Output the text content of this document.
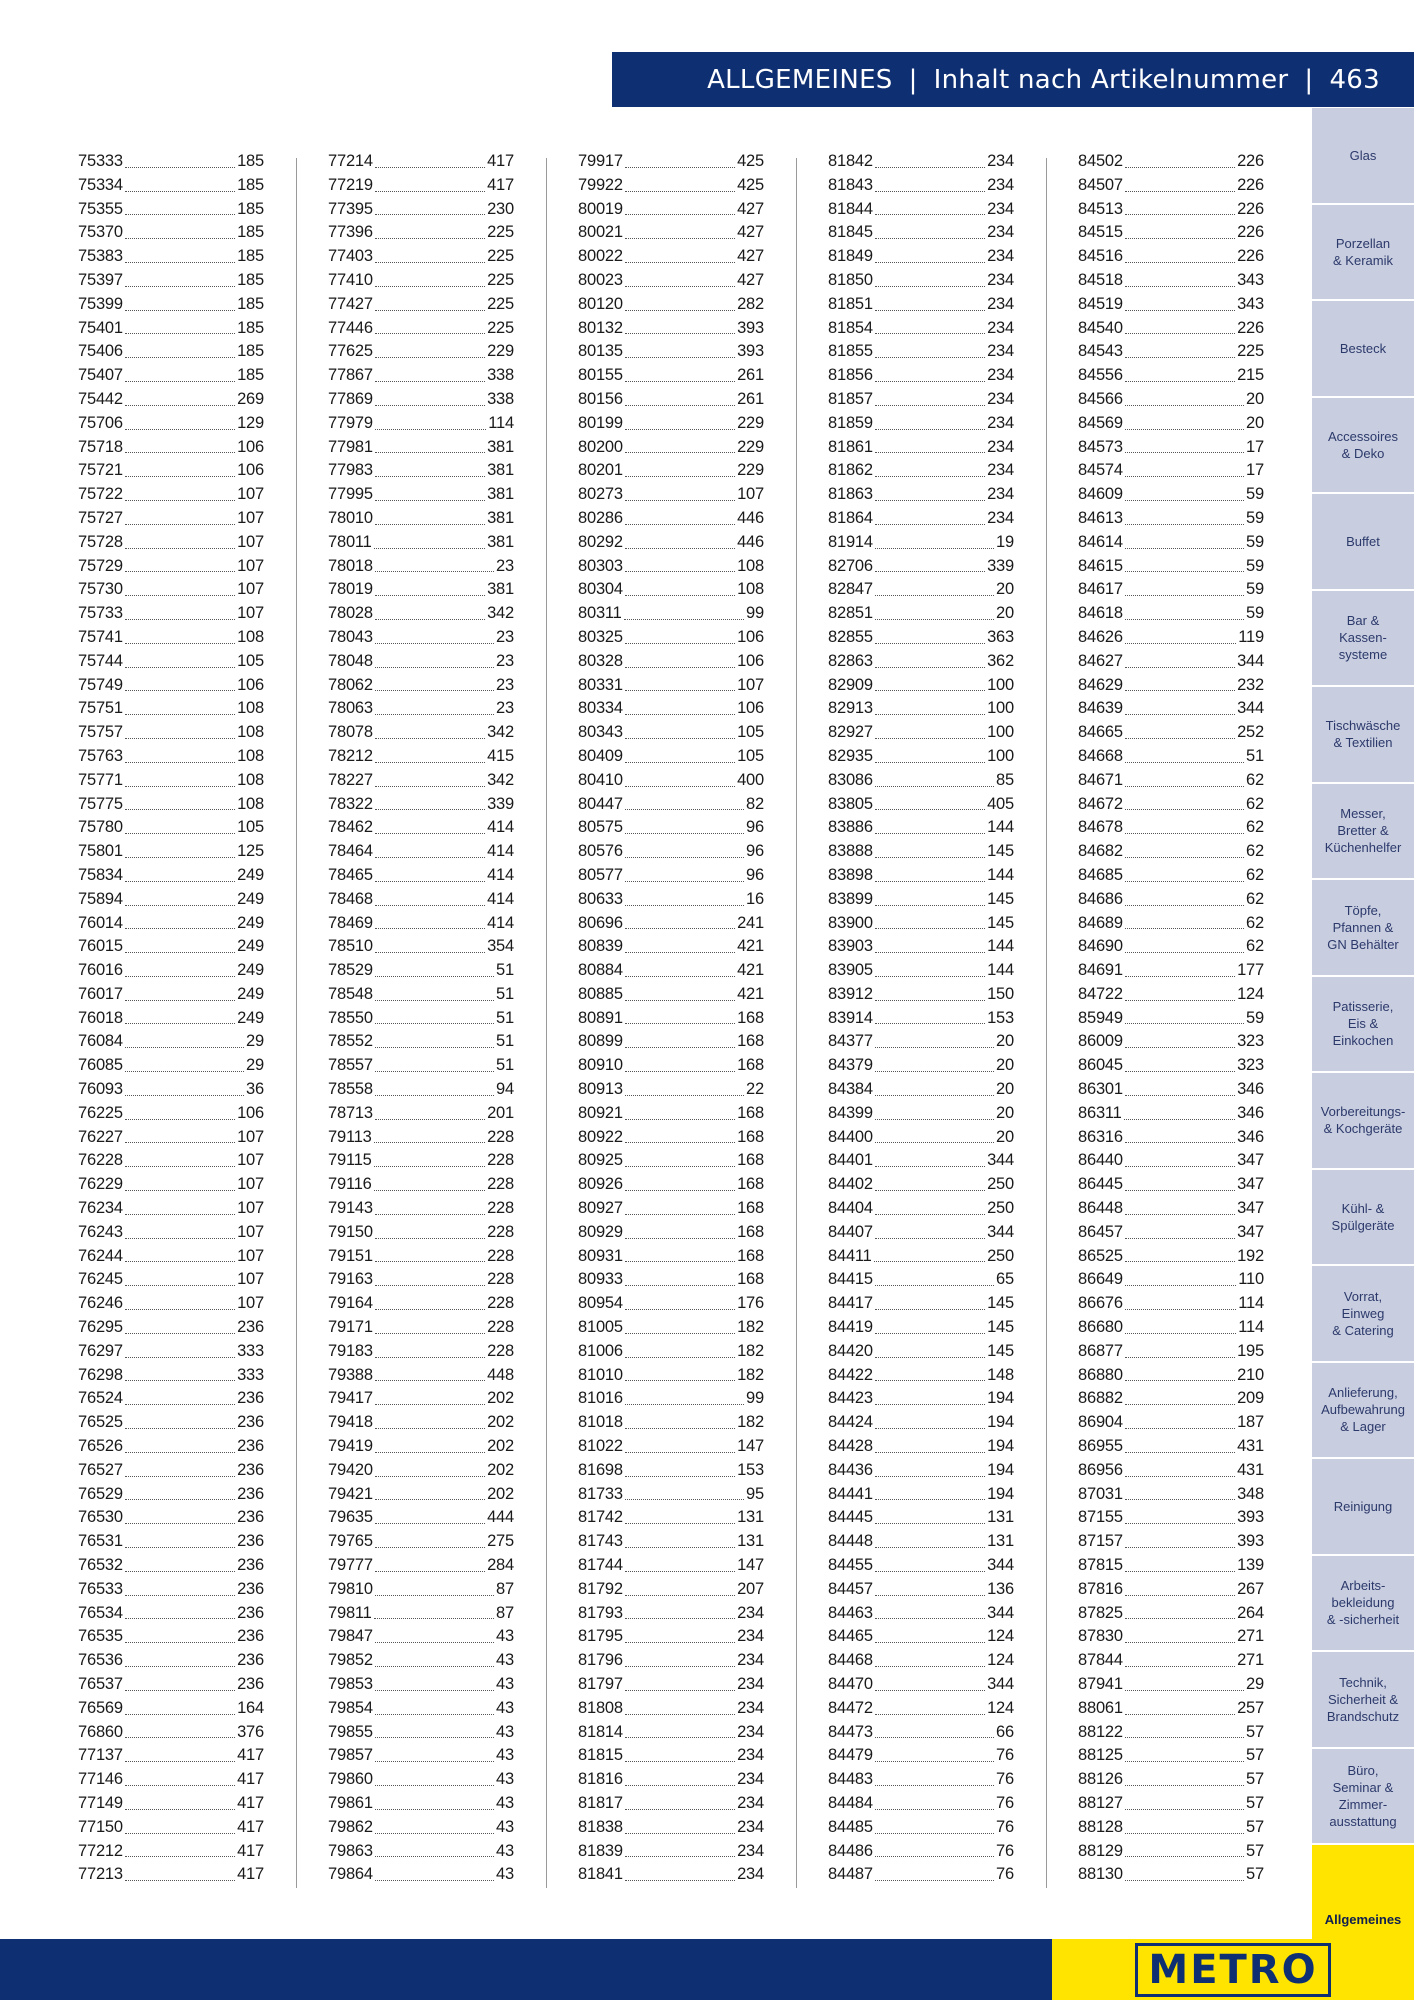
ALLGEMEINES | Inhalt nach Artikelnummer | 463
75333	185
75334	185
75355	185
75370	185
75383	185
75397	185
75399	185
75401	185
75406	185
75407	185
75442	269
75706	129
75718	106
75721	106
75722	107
75727	107
75728	107
75729	107
75730	107
75733	107
75741	108
75744	105
75749	106
75751	108
75757	108
75763	108
75771	108
75775	108
75780	105
75801	125
75834	249
75894	249
76014	249
76015	249
76016	249
76017	249
76018	249
76084	29
76085	29
76093	36
76225	106
76227	107
76228	107
76229	107
76234	107
76243	107
76244	107
76245	107
76246	107
76295	236
76297	333
76298	333
76524	236
76525	236
76526	236
76527	236
76529	236
76530	236
76531	236
76532	236
76533	236
76534	236
76535	236
76536	236
76537	236
76569	164
76860	376
77137	417
77146	417
77149	417
77150	417
77212	417
77213	417
77214	417
77219	417
77395	230
77396	225
77403	225
77410	225
77427	225
77446	225
77625	229
77867	338
77869	338
77979	114
77981	381
77983	381
77995	381
78010	381
78011	381
78018	23
78019	381
78028	342
78043	23
78048	23
78062	23
78063	23
78078	342
78212	415
78227	342
78322	339
78462	414
78464	414
78465	414
78468	414
78469	414
78510	354
78529	51
78548	51
78550	51
78552	51
78557	51
78558	94
78713	201
79113	228
79115	228
79116	228
79143	228
79150	228
79151	228
79163	228
79164	228
79171	228
79183	228
79388	448
79417	202
79418	202
79419	202
79420	202
79421	202
79635	444
79765	275
79777	284
79810	87
79811	87
79847	43
79852	43
79853	43
79854	43
79855	43
79857	43
79860	43
79861	43
79862	43
79863	43
79864	43
79917	425
79922	425
80019	427
80021	427
80022	427
80023	427
80120	282
80132	393
80135	393
80155	261
80156	261
80199	229
80200	229
80201	229
80273	107
80286	446
80292	446
80303	108
80304	108
80311	99
80325	106
80328	106
80331	107
80334	106
80343	105
80409	105
80410	400
80447	82
80575	96
80576	96
80577	96
80633	16
80696	241
80839	421
80884	421
80885	421
80891	168
80899	168
80910	168
80913	22
80921	168
80922	168
80925	168
80926	168
80927	168
80929	168
80931	168
80933	168
80954	176
81005	182
81006	182
81010	182
81016	99
81018	182
81022	147
81698	153
81733	95
81742	131
81743	131
81744	147
81792	207
81793	234
81795	234
81796	234
81797	234
81808	234
81814	234
81815	234
81816	234
81817	234
81838	234
81839	234
81841	234
81842	234
81843	234
81844	234
81845	234
81849	234
81850	234
81851	234
81854	234
81855	234
81856	234
81857	234
81859	234
81861	234
81862	234
81863	234
81864	234
81914	19
82706	339
82847	20
82851	20
82855	363
82863	362
82909	100
82913	100
82927	100
82935	100
83086	85
83805	405
83886	144
83888	145
83898	144
83899	145
83900	145
83903	144
83905	144
83912	150
83914	153
84377	20
84379	20
84384	20
84399	20
84400	20
84401	344
84402	250
84404	250
84407	344
84411	250
84415	65
84417	145
84419	145
84420	145
84422	148
84423	194
84424	194
84428	194
84436	194
84441	194
84445	131
84448	131
84455	344
84457	136
84463	344
84465	124
84468	124
84470	344
84472	124
84473	66
84479	76
84483	76
84484	76
84485	76
84486	76
84487	76
84502	226
84507	226
84513	226
84515	226
84516	226
84518	343
84519	343
84540	226
84543	225
84556	215
84566	20
84569	20
84573	17
84574	17
84609	59
84613	59
84614	59
84615	59
84617	59
84618	59
84626	119
84627	344
84629	232
84639	344
84665	252
84668	51
84671	62
84672	62
84678	62
84682	62
84685	62
84686	62
84689	62
84690	62
84691	177
84722	124
85949	59
86009	323
86045	323
86301	346
86311	346
86316	346
86440	347
86445	347
86448	347
86457	347
86525	192
86649	110
86676	114
86680	114
86877	195
86880	210
86882	209
86904	187
86955	431
86956	431
87031	348
87155	393
87157	393
87815	139
87816	267
87825	264
87830	271
87844	271
87941	29
88061	257
88122	57
88125	57
88126	57
88127	57
88128	57
88129	57
88130	57
Glas
Porzellan
& Keramik
Besteck
Accessoires
& Deko
Buffet
Bar &
Kassen-
systeme
Tischwäsche
& Textilien
Messer,
Bretter &
Küchenhelfer
Töpfe,
Pfannen &
GN Behälter
Patisserie,
Eis &
Einkochen
Vorbereitungs-
& Kochgeräte
Kühl- &
Spülgeräte
Vorrat,
Einweg
& Catering
Anlieferung,
Aufbewahrung
& Lager
Reinigung
Arbeits-
bekleidung
& -sicherheit
Technik,
Sicherheit &
Brandschutz
Büro,
Seminar &
Zimmer-
ausstattung
Allgemeines
METRO
